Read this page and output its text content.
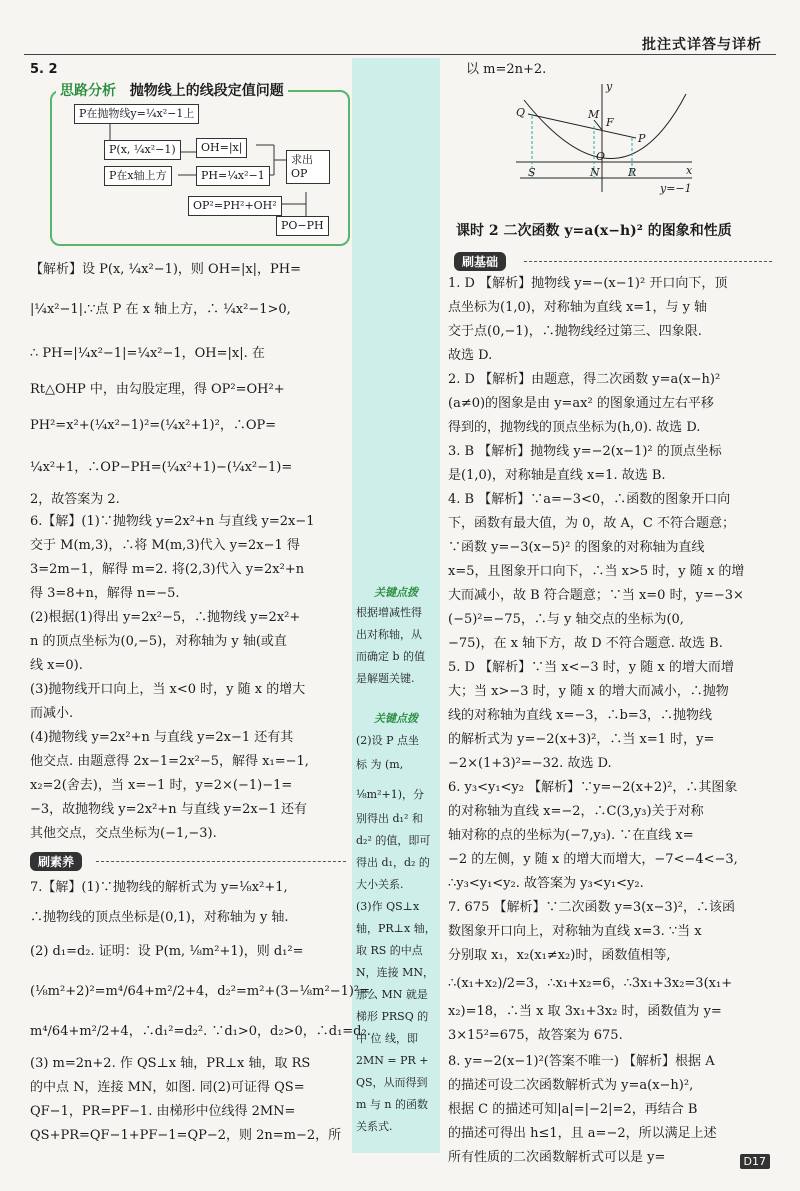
批注式详答与详析
5. 2
思路分析 抛物线上的线段定值问题
P在抛物线y=¼x²−1上
P(x, ¼x²−1)
P在x轴上方
OH=|x|
PH=¼x²−1
求出OP
OP²=PH²+OH²
PO−PH
【解析】设 P(x, ¼x²−1)，则 OH=|x|，PH=
|¼x²−1|.∵点 P 在 x 轴上方，∴ ¼x²−1>0,
∴ PH=|¼x²−1|=¼x²−1，OH=|x|. 在
Rt△OHP 中，由勾股定理，得 OP²=OH²+
PH²=x²+(¼x²−1)²=(¼x²+1)²，∴OP=
¼x²+1，∴OP−PH=(¼x²+1)−(¼x²−1)=
2，故答案为 2.
6.【解】(1)∵抛物线 y=2x²+n 与直线 y=2x−1
交于 M(m,3)，∴将 M(m,3)代入 y=2x−1 得
3=2m−1，解得 m=2. 将(2,3)代入 y=2x²+n
得 3=8+n，解得 n=−5.
(2)根据(1)得出 y=2x²−5，∴抛物线 y=2x²+
n 的顶点坐标为(0,−5)，对称轴为 y 轴(或直
线 x=0).
(3)抛物线开口向上，当 x<0 时，y 随 x 的增大
而减小.
(4)抛物线 y=2x²+n 与直线 y=2x−1 还有其
他交点. 由题意得 2x−1=2x²−5，解得 x₁=−1,
x₂=2(舍去)，当 x=−1 时，y=2×(−1)−1=
−3，故抛物线 y=2x²+n 与直线 y=2x−1 还有
其他交点，交点坐标为(−1,−3).
刷素养
7.【解】(1)∵抛物线的解析式为 y=⅛x²+1,
∴抛物线的顶点坐标是(0,1)，对称轴为 y 轴.
(2) d₁=d₂. 证明：设 P(m, ⅛m²+1)，则 d₁²=
(⅛m²+2)²=m⁴/64+m²/2+4，d₂²=m²+(3−⅛m²−1)²=
m⁴/64+m²/2+4，∴d₁²=d₂². ∵d₁>0，d₂>0，∴d₁=d₂.
(3) m=2n+2. 作 QS⊥x 轴，PR⊥x 轴，取 RS
的中点 N，连接 MN，如图. 同(2)可证得 QS=
QF−1，PR=PF−1. 由梯形中位线得 2MN=
QS+PR=QF−1+PF−1=QP−2，则 2n=m−2，所
关键点拨
根据增减性得
出对称轴，从
而确定 b 的值
是解题关键.
关键点拨
(2)设 P 点坐
标 为 (m,
⅛m²+1)，分
别得出 d₁² 和
d₂² 的值，即可
得出 d₁，d₂ 的
大小关系.
(3)作 QS⊥x
轴，PR⊥x 轴，
取 RS 的中点
N，连接 MN，
那么 MN 就是
梯形 PRSQ 的
中 位 线，即
2MN = PR +
QS，从而得到
m 与 n 的函数
关系式.
以 m=2n+2.
y
x
Q	M
F
P
O
S	N	R
y=−1
课时 2 二次函数 y=a(x−h)² 的图象和性质
刷基础
1. D 【解析】抛物线 y=−(x−1)² 开口向下，顶
点坐标为(1,0)，对称轴为直线 x=1，与 y 轴
交于点(0,−1)，∴抛物线经过第三、四象限.
故选 D.
2. D 【解析】由题意，得二次函数 y=a(x−h)²
(a≠0)的图象是由 y=ax² 的图象通过左右平移
得到的，抛物线的顶点坐标为(h,0). 故选 D.
3. B 【解析】抛物线 y=−2(x−1)² 的顶点坐标
是(1,0)，对称轴是直线 x=1. 故选 B.
4. B 【解析】∵a=−3<0，∴函数的图象开口向
下，函数有最大值，为 0，故 A，C 不符合题意；
∵函数 y=−3(x−5)² 的图象的对称轴为直线
x=5，且图象开口向下，∴当 x>5 时，y 随 x 的增
大而减小，故 B 符合题意；∵当 x=0 时，y=−3×
(−5)²=−75，∴与 y 轴交点的坐标为(0,
−75)，在 x 轴下方，故 D 不符合题意. 故选 B.
5. D 【解析】∵当 x<−3 时，y 随 x 的增大而增
大；当 x>−3 时，y 随 x 的增大而减小，∴抛物
线的对称轴为直线 x=−3，∴b=3，∴抛物线
的解析式为 y=−2(x+3)²，∴当 x=1 时，y=
−2×(1+3)²=−32. 故选 D.
6. y₃<y₁<y₂ 【解析】∵y=−2(x+2)²，∴其图象
的对称轴为直线 x=−2，∴C(3,y₃)关于对称
轴对称的点的坐标为(−7,y₃). ∵在直线 x=
−2 的左侧，y 随 x 的增大而增大，−7<−4<−3,
∴y₃<y₁<y₂. 故答案为 y₃<y₁<y₂.
7. 675 【解析】∵二次函数 y=3(x−3)²，∴该函
数图象开口向上，对称轴为直线 x=3. ∵当 x
分别取 x₁，x₂(x₁≠x₂)时，函数值相等,
∴(x₁+x₂)/2=3，∴x₁+x₂=6，∴3x₁+3x₂=3(x₁+
x₂)=18，∴当 x 取 3x₁+3x₂ 时，函数值为 y=
3×15²=675，故答案为 675.
8. y=−2(x−1)²(答案不唯一) 【解析】根据 A
的描述可设二次函数解析式为 y=a(x−h)²,
根据 C 的描述可知|a|=|−2|=2，再结合 B
的描述可得出 h≤1，且 a=−2，所以满足上述
所有性质的二次函数解析式可以是 y=	D17
